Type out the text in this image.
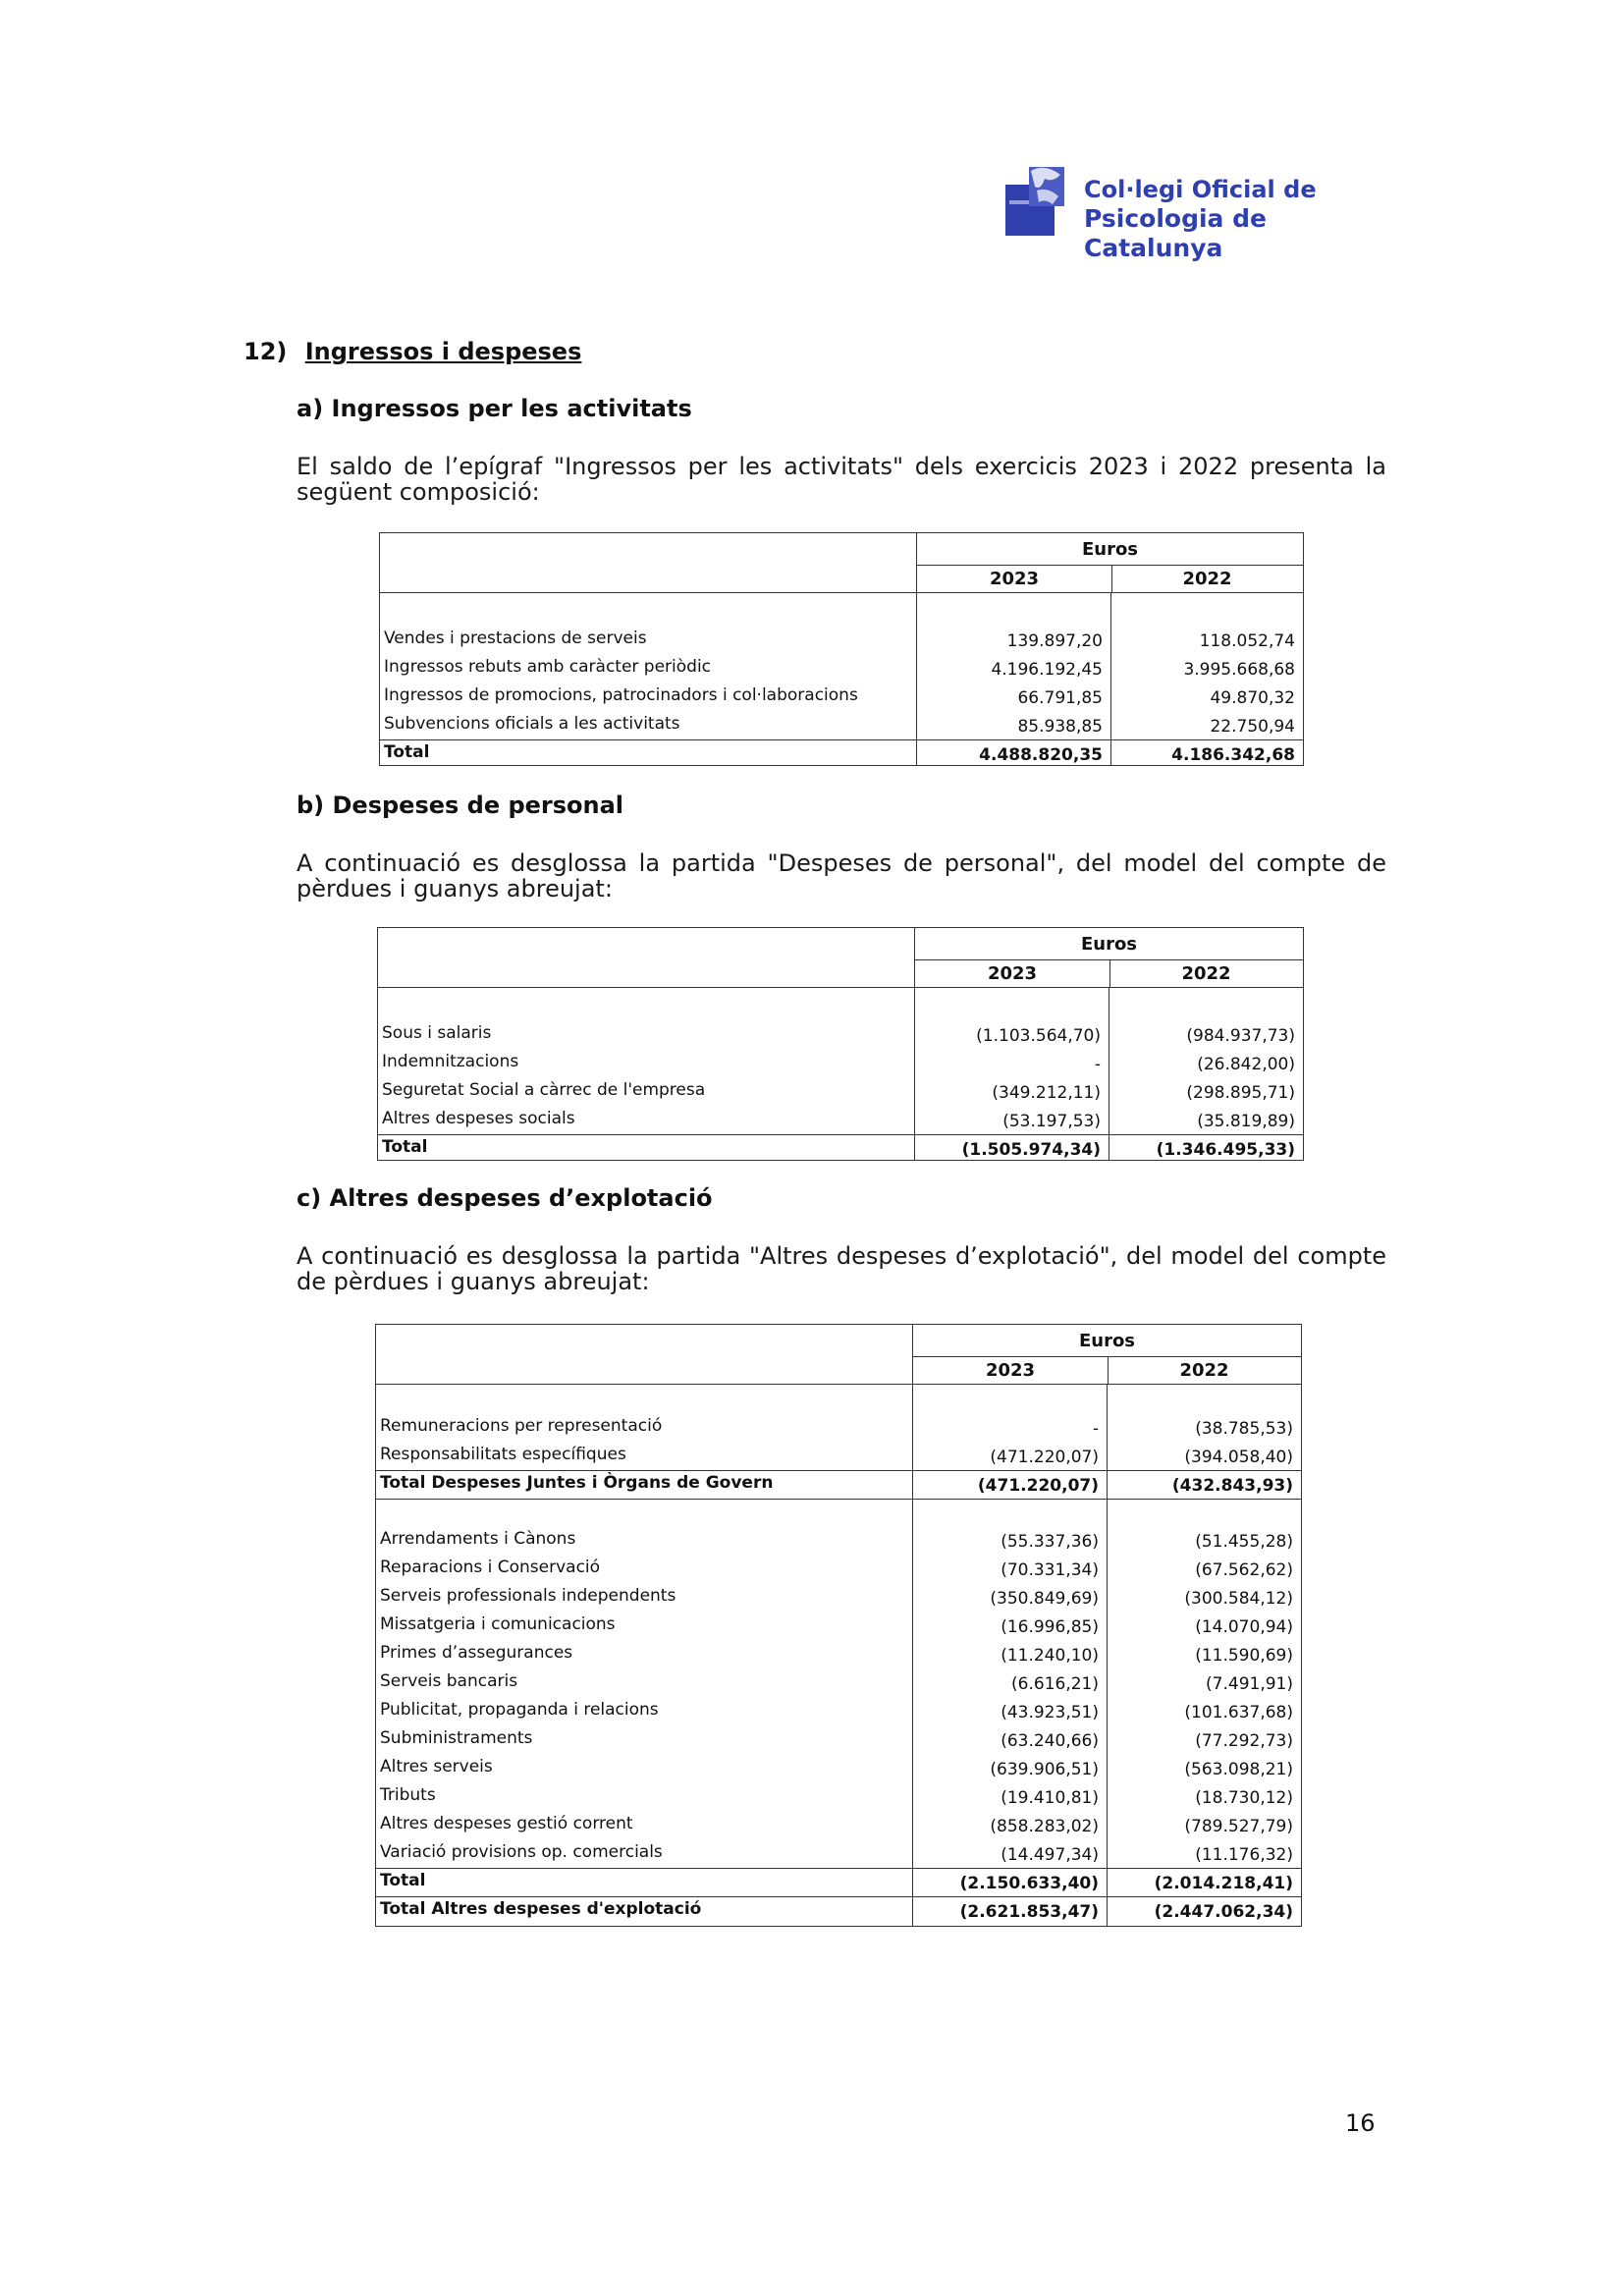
Col·legi Oficial de
Psicologia de Catalunya
12) Ingressos i despeses
a) Ingressos per les activitats
El saldo de l’epígraf "Ingressos per les activitats" dels exercicis 2023 i 2022 presenta la següent composició:
Euros
2023	2022
Vendes i prestacions de serveis	139.897,20	118.052,74
Ingressos rebuts amb caràcter periòdic	4.196.192,45	3.995.668,68
Ingressos de promocions, patrocinadors i col·laboracions	66.791,85	49.870,32
Subvencions oficials a les activitats	85.938,85	22.750,94
Total	4.488.820,35	4.186.342,68
b) Despeses de personal
A continuació es desglossa la partida "Despeses de personal", del model del compte de pèrdues i guanys abreujat:
Euros
2023	2022
Sous i salaris	(1.103.564,70)	(984.937,73)
Indemnitzacions	-	(26.842,00)
Seguretat Social a càrrec de l'empresa	(349.212,11)	(298.895,71)
Altres despeses socials	(53.197,53)	(35.819,89)
Total	(1.505.974,34)	(1.346.495,33)
c) Altres despeses d’explotació
A continuació es desglossa la partida "Altres despeses d’explotació", del model del compte de pèrdues i guanys abreujat:
Euros
2023	2022
Remuneracions per representació	-	(38.785,53)
Responsabilitats específiques	(471.220,07)	(394.058,40)
Total Despeses Juntes i Òrgans de Govern	(471.220,07)	(432.843,93)
Arrendaments i Cànons	(55.337,36)	(51.455,28)
Reparacions i Conservació	(70.331,34)	(67.562,62)
Serveis professionals independents	(350.849,69)	(300.584,12)
Missatgeria i comunicacions	(16.996,85)	(14.070,94)
Primes d’assegurances	(11.240,10)	(11.590,69)
Serveis bancaris	(6.616,21)	(7.491,91)
Publicitat, propaganda i relacions	(43.923,51)	(101.637,68)
Subministraments	(63.240,66)	(77.292,73)
Altres serveis	(639.906,51)	(563.098,21)
Tributs	(19.410,81)	(18.730,12)
Altres despeses gestió corrent	(858.283,02)	(789.527,79)
Variació provisions op. comercials	(14.497,34)	(11.176,32)
Total	(2.150.633,40)	(2.014.218,41)
Total Altres despeses d'explotació	(2.621.853,47)	(2.447.062,34)
16
